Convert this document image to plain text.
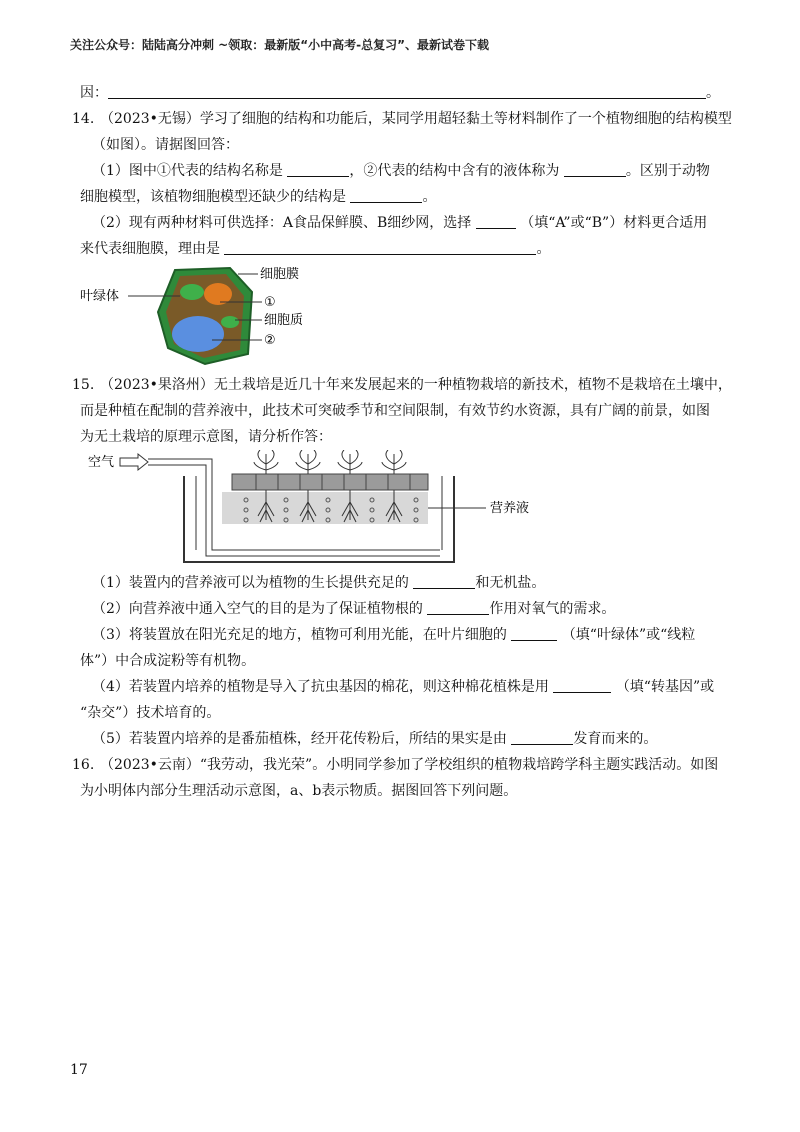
关注公众号：陆陆高分冲刺 ~领取：最新版“小中高考-总复习”、最新试卷下载
因：	。
14. （2023•无锡）学习了细胞的结构和功能后，某同学用超轻黏土等材料制作了一个植物细胞的结构模型
（如图）。请据图回答：
（1）图中①代表的结构名称是	，②代表的结构中含有的液体称为	。区别于动物
细胞模型，该植物细胞模型还缺少的结构是	。
（2）现有两种材料可供选择：A食品保鲜膜、B细纱网，选择	（填“A”或“B”）材料更合适用
来代表细胞膜，理由是	。
细胞膜
叶绿体	①
细胞质
②
15. （2023•果洛州）无土栽培是近几十年来发展起来的一种植物栽培的新技术，植物不是栽培在土壤中，
而是种植在配制的营养液中，此技术可突破季节和空间限制，有效节约水资源，具有广阔的前景，如图
为无土栽培的原理示意图，请分析作答：
空气
营养液
（1）装置内的营养液可以为植物的生长提供充足的	和无机盐。
（2）向营养液中通入空气的目的是为了保证植物根的	作用对氧气的需求。
（3）将装置放在阳光充足的地方，植物可利用光能，在叶片细胞的	（填“叶绿体”或“线粒
体”）中合成淀粉等有机物。
（4）若装置内培养的植物是导入了抗虫基因的棉花，则这种棉花植株是用	（填“转基因”或
“杂交”）技术培育的。
（5）若装置内培养的是番茄植株，经开花传粉后，所结的果实是由	发育而来的。
16. （2023•云南）“我劳动，我光荣”。小明同学参加了学校组织的植物栽培跨学科主题实践活动。如图
为小明体内部分生理活动示意图，a、b表示物质。据图回答下列问题。
17
